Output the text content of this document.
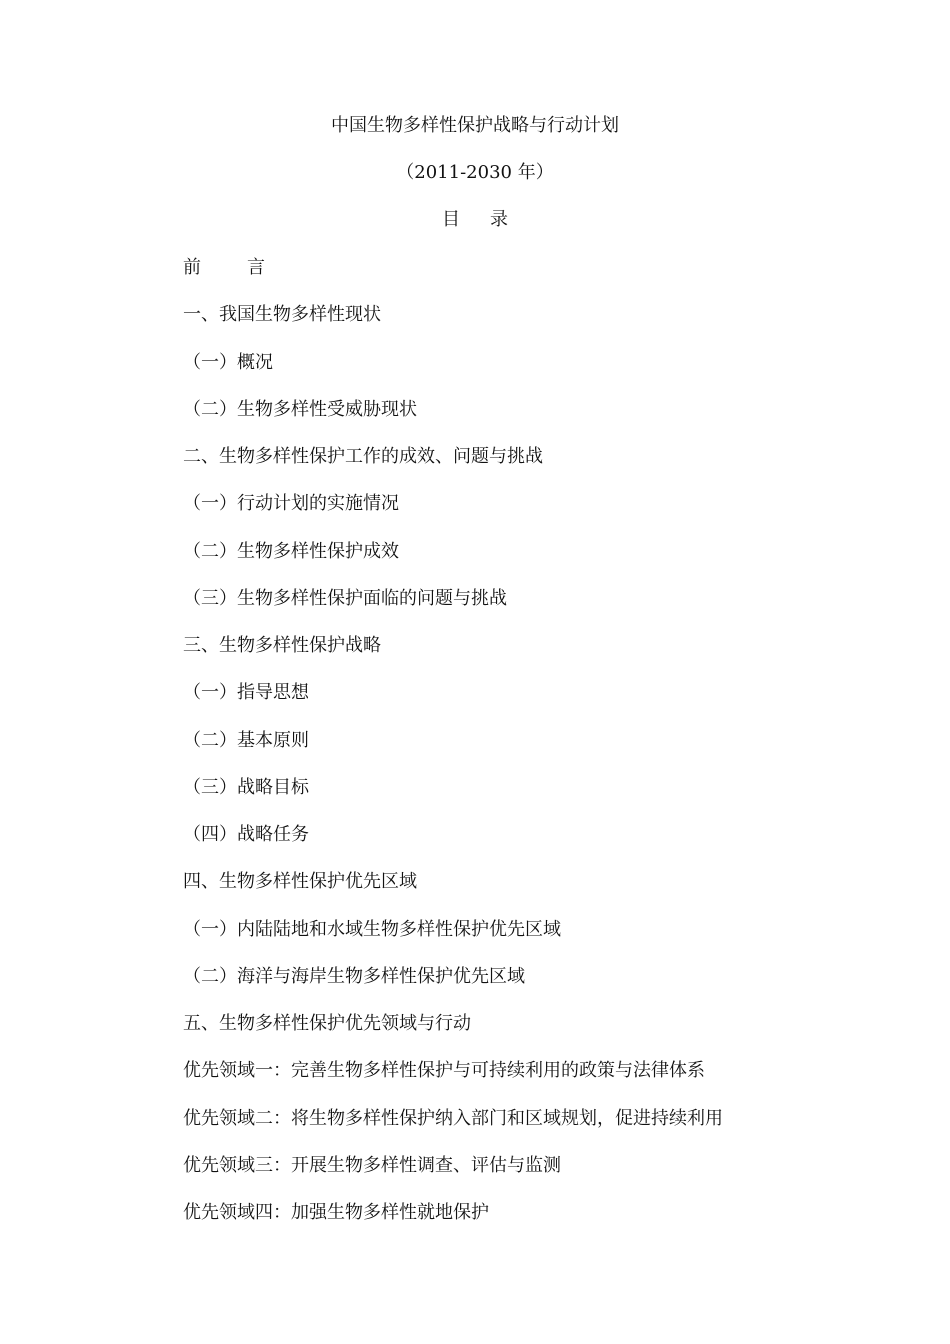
中国生物多样性保护战略与行动计划
（2011-2030 年）
目 录
前	言
一、我国生物多样性现状
（一）概况
（二）生物多样性受威胁现状
二、生物多样性保护工作的成效、问题与挑战
（一）行动计划的实施情况
（二）生物多样性保护成效
（三）生物多样性保护面临的问题与挑战
三、生物多样性保护战略
（一）指导思想
（二）基本原则
（三）战略目标
（四）战略任务
四、生物多样性保护优先区域
（一）内陆陆地和水域生物多样性保护优先区域
（二）海洋与海岸生物多样性保护优先区域
五、生物多样性保护优先领域与行动
优先领域一：完善生物多样性保护与可持续利用的政策与法律体系
优先领域二：将生物多样性保护纳入部门和区域规划，促进持续利用
优先领域三：开展生物多样性调查、评估与监测
优先领域四：加强生物多样性就地保护
